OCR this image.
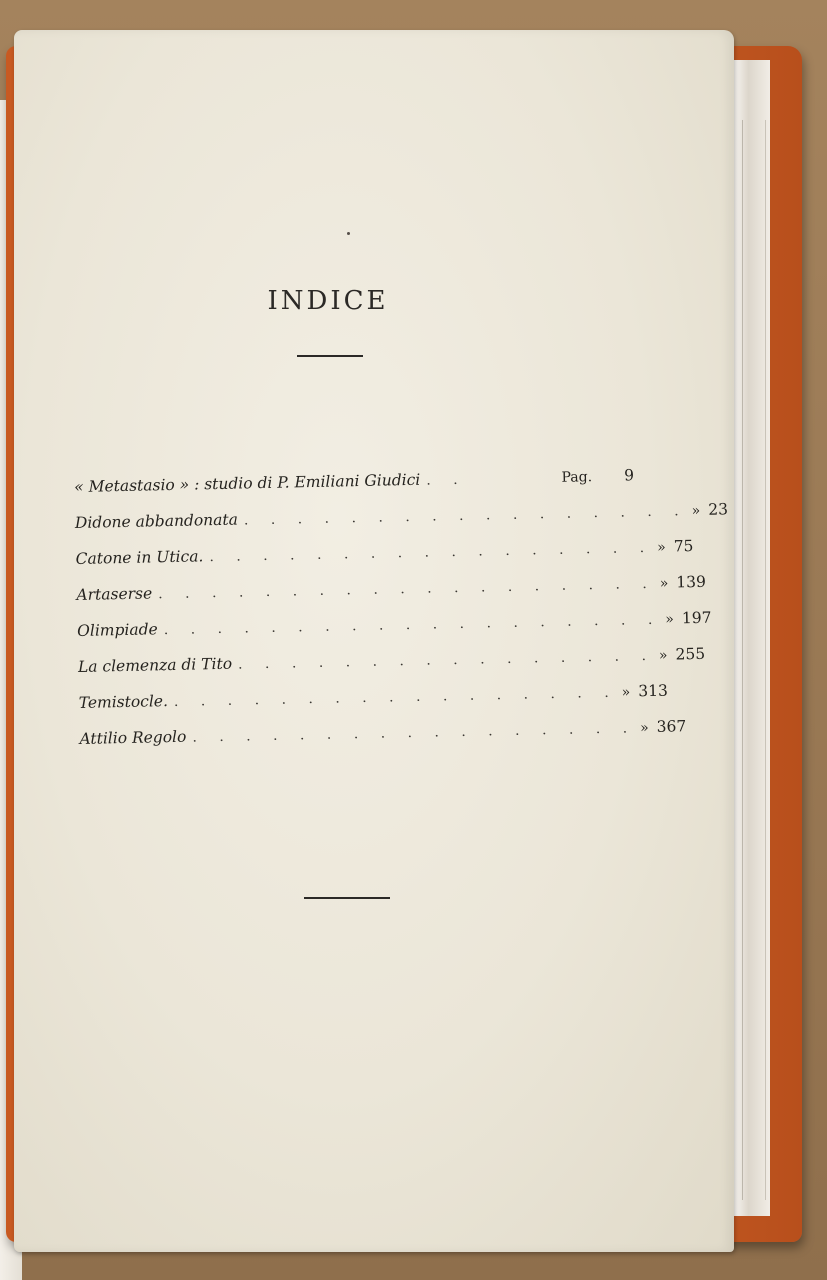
INDICE
« Metastasio » : studio di P. Emiliani Giudici . .	Pag.	9
Didone abbandonata . . . . . . . . . . . . . . . . . » 23
Catone in Utica. . . . . . . . . . . . . . . . . . » 75
Artaserse . . . . . . . . . . . . . . . . . . . » 139
Olimpiade . . . . . . . . . . . . . . . . . . . » 197
La clemenza di Tito . . . . . . . . . . . . . . . . » 255
Temistocle. . . . . . . . . . . . . . . . . . » 313
Attilio Regolo . . . . . . . . . . . . . . . . . » 367
